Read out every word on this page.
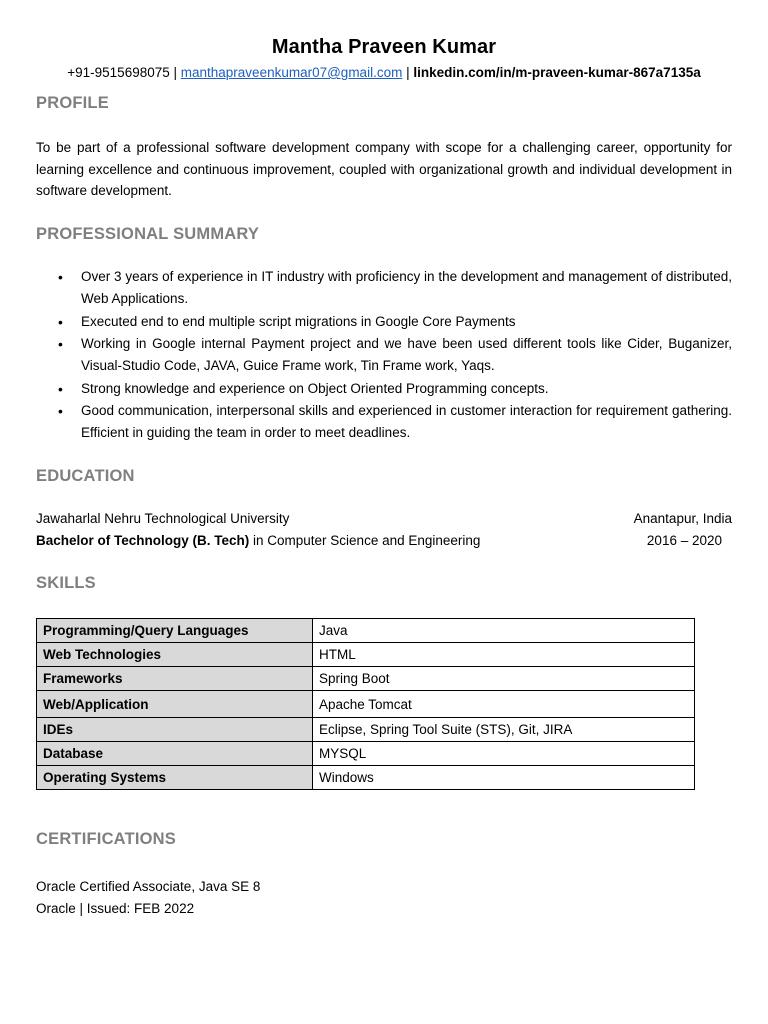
Mantha Praveen Kumar
+91-9515698075 | manthapraveenkumar07@gmail.com | linkedin.com/in/m-praveen-kumar-867a7135a
PROFILE
To be part of a professional software development company with scope for a challenging career, opportunity for learning excellence and continuous improvement, coupled with organizational growth and individual development in software development.
PROFESSIONAL SUMMARY
• Over 3 years of experience in IT industry with proficiency in the development and management of distributed, Web Applications.
• Executed end to end multiple script migrations in Google Core Payments
• Working in Google internal Payment project and we have been used different tools like Cider, Buganizer, Visual-Studio Code, JAVA, Guice Frame work, Tin Frame work, Yaqs.
• Strong knowledge and experience on Object Oriented Programming concepts.
• Good communication, interpersonal skills and experienced in customer interaction for requirement gathering. Efficient in guiding the team in order to meet deadlines.
EDUCATION
Jawaharlal Nehru Technological University	Anantapur, India
Bachelor of Technology (B. Tech) in Computer Science and Engineering	2016 – 2020
SKILLS
Programming/Query Languages	Java
Web Technologies	HTML
Frameworks	Spring Boot
Web/Application	Apache Tomcat
IDEs	Eclipse, Spring Tool Suite (STS), Git, JIRA
Database	MYSQL
Operating Systems	Windows
CERTIFICATIONS
Oracle Certified Associate, Java SE 8
Oracle | Issued: FEB 2022
